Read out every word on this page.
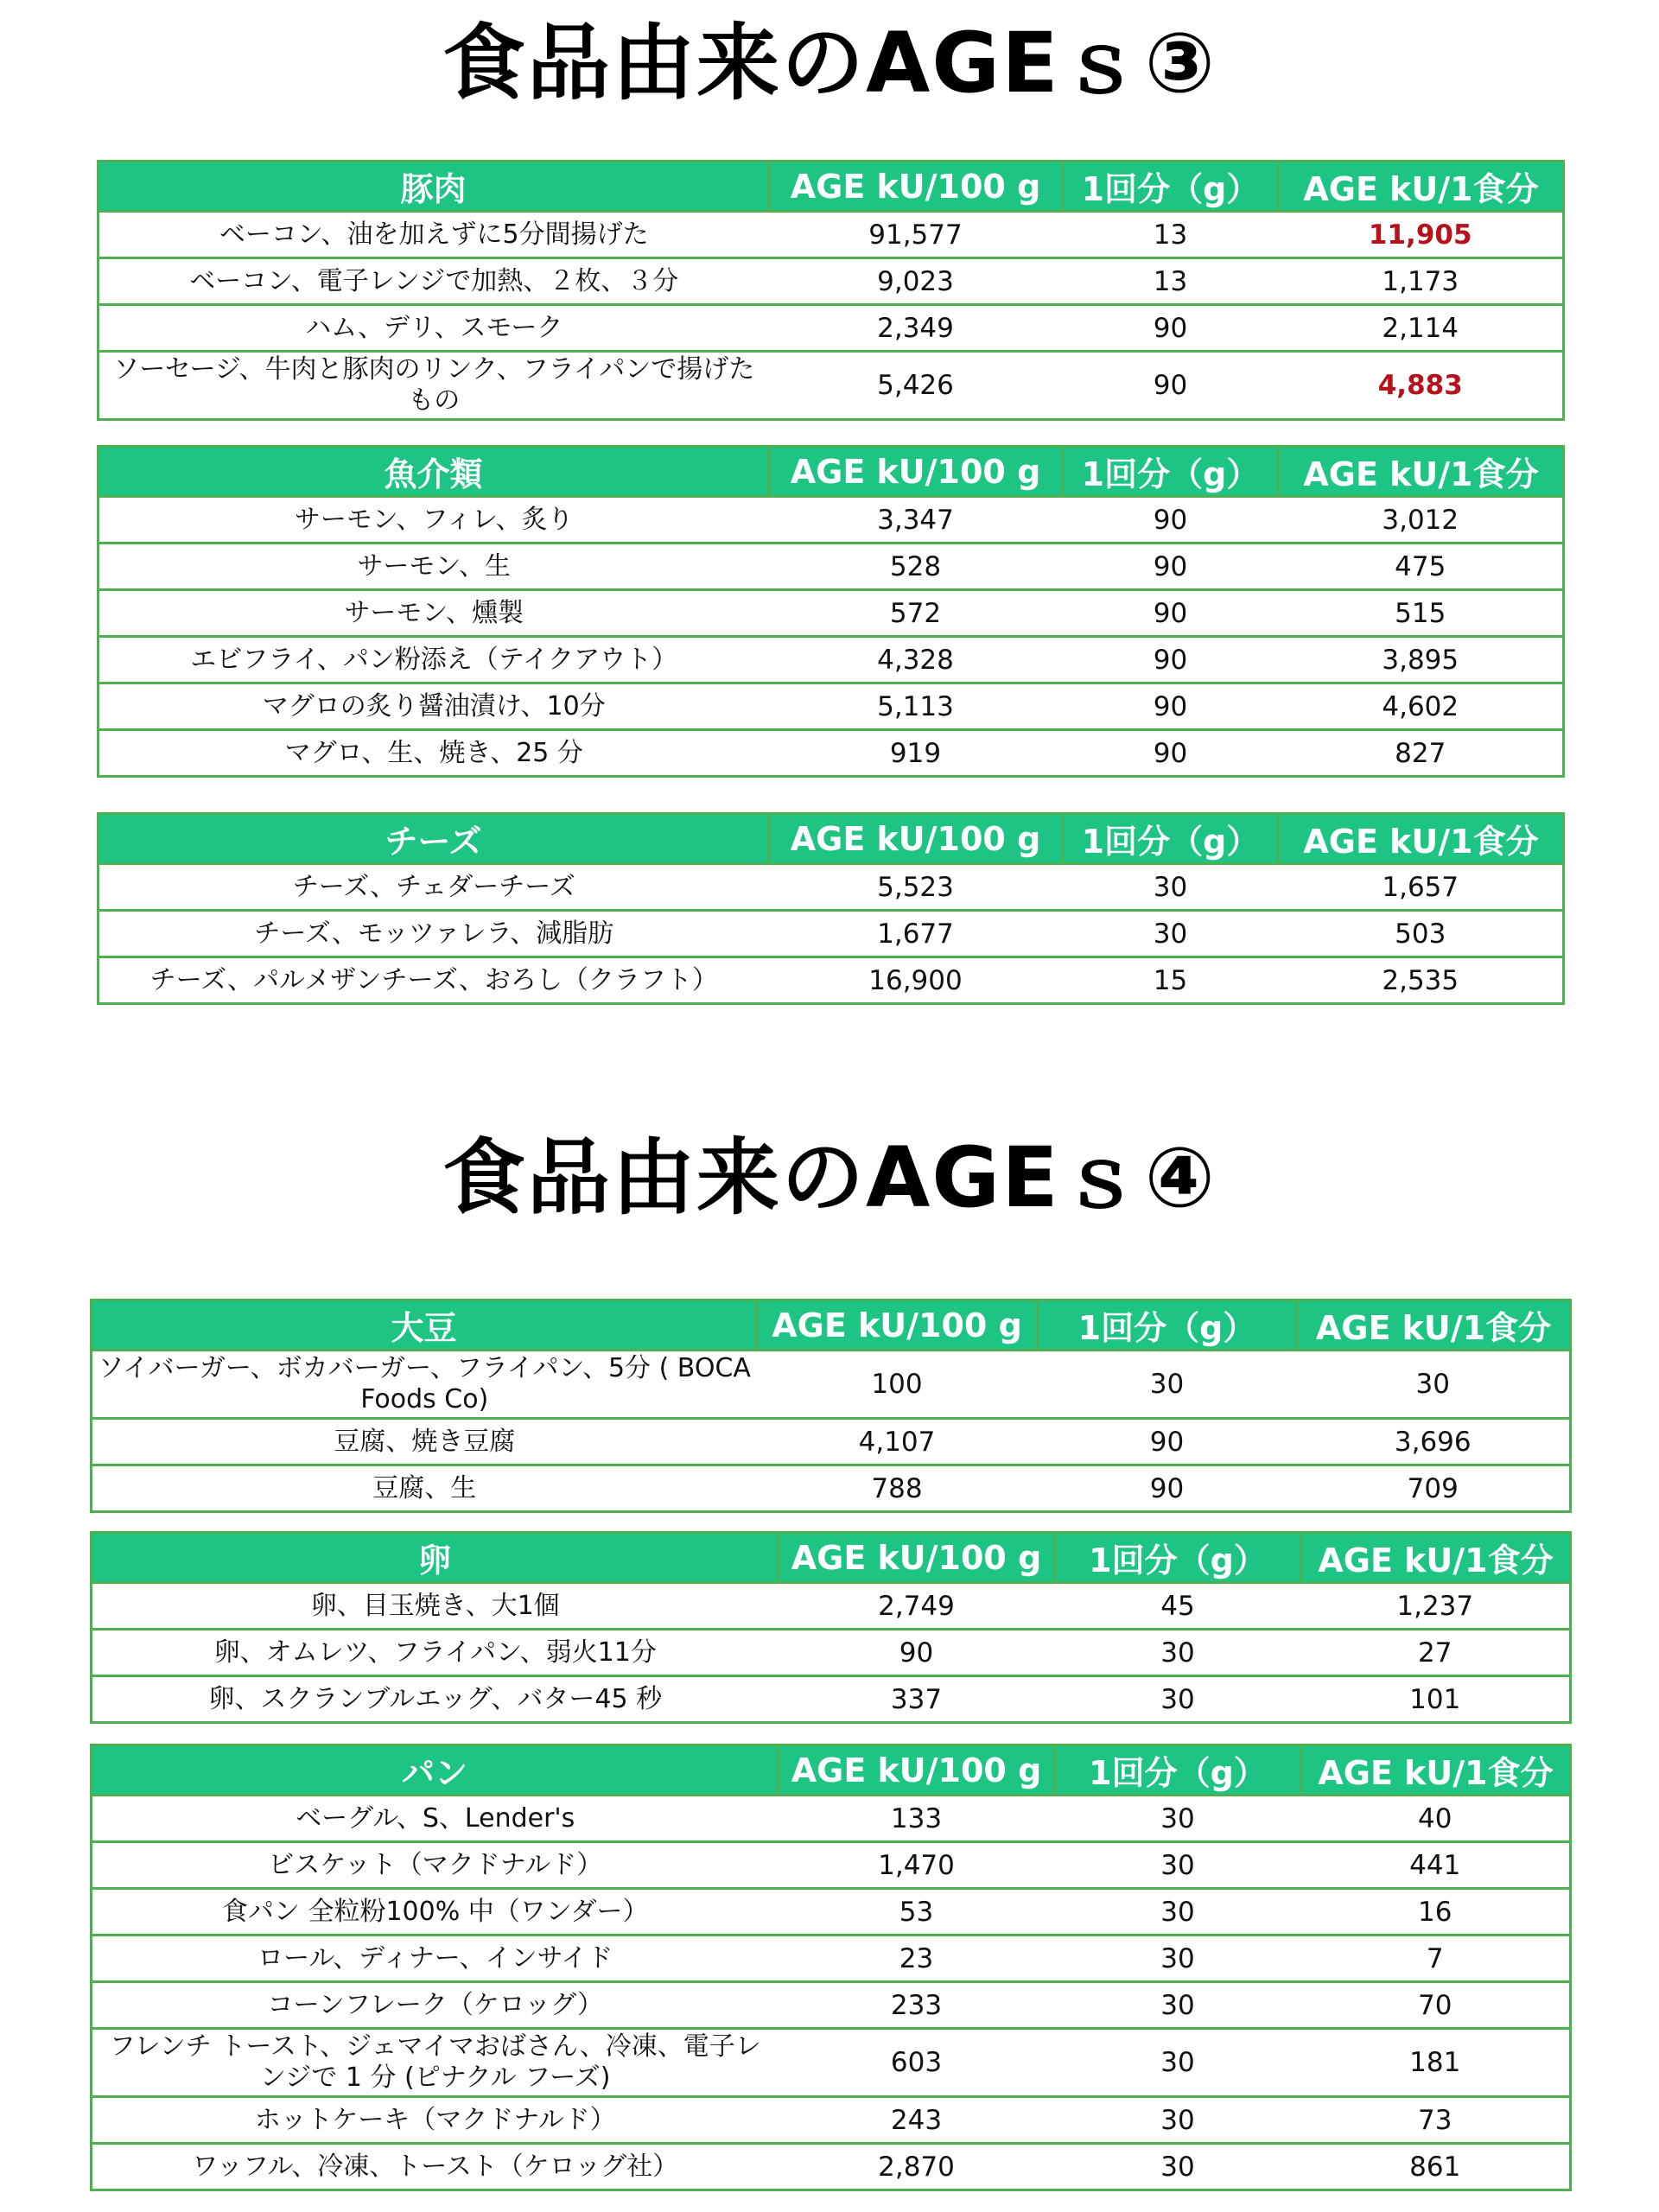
食品由来のAGEｓ③
食品由来のAGEｓ④
豚肉	AGE kU/100 g	1回分（g）	AGE kU/1食分
ベーコン、油を加えずに5分間揚げた	91,577	13	11,905
ベーコン、電子レンジで加熱、２枚、３分	9,023	13	1,173
ハム、デリ、スモーク	2,349	90	2,114
ソーセージ、牛肉と豚肉のリンク、フライパンで揚げたもの	5,426	90	4,883
魚介類	AGE kU/100 g	1回分（g）	AGE kU/1食分
サーモン、フィレ、炙り	3,347	90	3,012
サーモン、生	528	90	475
サーモン、燻製	572	90	515
エビフライ、パン粉添え（テイクアウト）	4,328	90	3,895
マグロの炙り醤油漬け、10分	5,113	90	4,602
マグロ、生、焼き、25 分	919	90	827
チーズ	AGE kU/100 g	1回分（g）	AGE kU/1食分
チーズ、チェダーチーズ	5,523	30	1,657
チーズ、モッツァレラ、減脂肪	1,677	30	503
チーズ、パルメザンチーズ、おろし（クラフト）	16,900	15	2,535
大豆	AGE kU/100 g	1回分（g）	AGE kU/1食分
ソイバーガー、ボカバーガー、フライパン、5分 ( BOCA Foods Co)	100	30	30
豆腐、焼き豆腐	4,107	90	3,696
豆腐、生	788	90	709
卵	AGE kU/100 g	1回分（g）	AGE kU/1食分
卵、目玉焼き、大1個	2,749	45	1,237
卵、オムレツ、フライパン、弱火11分	90	30	27
卵、スクランブルエッグ、バター45 秒	337	30	101
パン	AGE kU/100 g	1回分（g）	AGE kU/1食分
ベーグル、S、Lender's	133	30	40
ビスケット（マクドナルド）	1,470	30	441
食パン 全粒粉100% 中（ワンダー）	53	30	16
ロール、ディナー、インサイド	23	30	7
コーンフレーク（ケロッグ）	233	30	70
フレンチ トースト、ジェマイマおばさん、冷凍、電子レンジで 1 分 (ピナクル フーズ)	603	30	181
ホットケーキ（マクドナルド）	243	30	73
ワッフル、冷凍、トースト（ケロッグ社）	2,870	30	861
